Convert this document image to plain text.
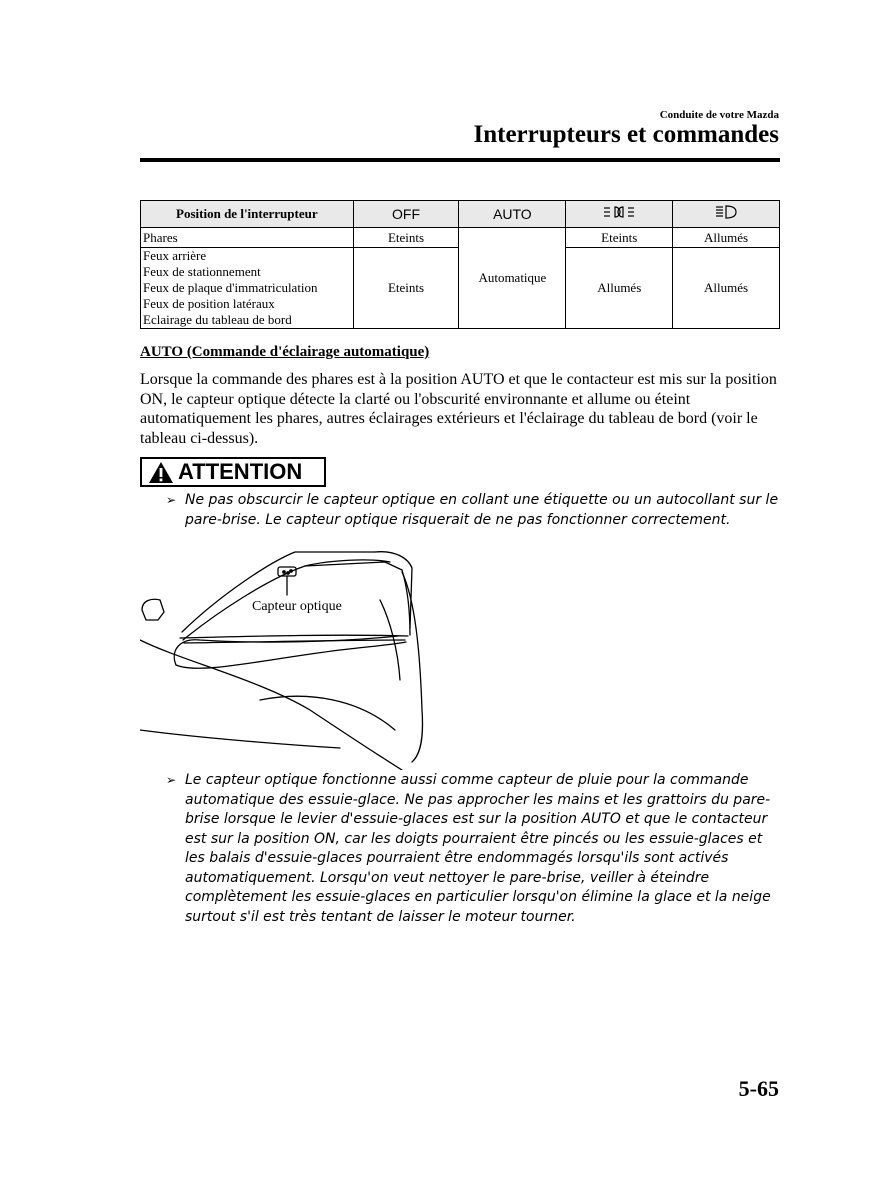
Conduite de votre Mazda
Interrupteurs et commandes
Position de l'interrupteur	OFF	AUTO		
Phares	Eteints	Automatique	Eteints	Allumés

Feux arrière
Feux de stationnement
Feux de plaque d'immatriculation
Feux de position latéraux
Eclairage du tableau de bord	Eteints		Allumés	Allumés
AUTO (Commande d'éclairage automatique)
Lorsque la commande des phares est à la position AUTO et que le contacteur est mis sur la position ON, le capteur optique détecte la clarté ou l'obscurité environnante et allume ou éteint automatiquement les phares, autres éclairages extérieurs et l'éclairage du tableau de bord (voir le tableau ci-dessus).
ATTENTION
➢ Ne pas obscurcir le capteur optique en collant une étiquette ou un autocollant sur le pare-brise. Le capteur optique risquerait de ne pas fonctionner correctement.
Capteur optique
➢ Le capteur optique fonctionne aussi comme capteur de pluie pour la commande automatique des essuie-glace. Ne pas approcher les mains et les grattoirs du pare-brise lorsque le levier d'essuie-glaces est sur la position AUTO et que le contacteur est sur la position ON, car les doigts pourraient être pincés ou les essuie-glaces et les balais d'essuie-glaces pourraient être endommagés lorsqu'ils sont activés automatiquement. Lorsqu'on veut nettoyer le pare-brise, veiller à éteindre complètement les essuie-glaces en particulier lorsqu'on élimine la glace et la neige surtout s'il est très tentant de laisser le moteur tourner.
5-65
